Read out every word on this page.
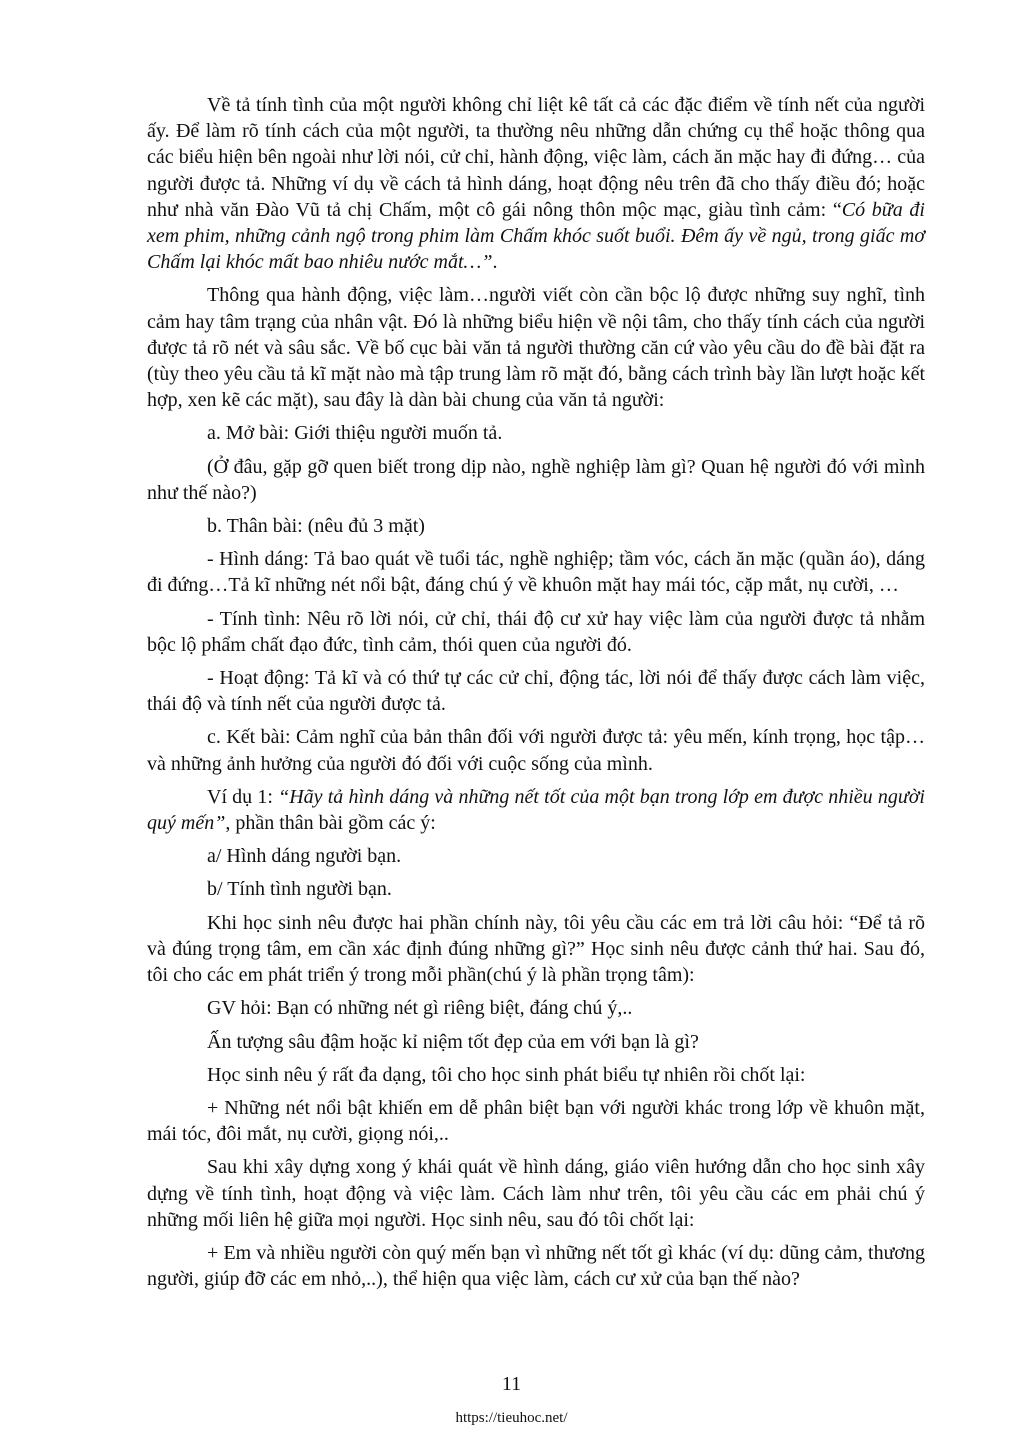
Về tả tính tình của một người không chỉ liệt kê tất cả các đặc điểm về tính nết của người ấy. Để làm rõ tính cách của một người, ta thường nêu những dẫn chứng cụ thể hoặc thông qua các biểu hiện bên ngoài như lời nói, cử chỉ, hành động, việc làm, cách ăn mặc hay đi đứng… của người được tả. Những ví dụ về cách tả hình dáng, hoạt động nêu trên đã cho thấy điều đó; hoặc như nhà văn Đào Vũ tả chị Chấm, một cô gái nông thôn mộc mạc, giàu tình cảm: “Có bữa đi xem phim, những cảnh ngộ trong phim làm Chấm khóc suốt buổi. Đêm ấy về ngủ, trong giấc mơ Chấm lại khóc mất bao nhiêu nước mắt…”.

Thông qua hành động, việc làm…người viết còn cần bộc lộ được những suy nghĩ, tình cảm hay tâm trạng của nhân vật. Đó là những biểu hiện về nội tâm, cho thấy tính cách của người được tả rõ nét và sâu sắc. Về bố cục bài văn tả người thường căn cứ vào yêu cầu do đề bài đặt ra (tùy theo yêu cầu tả kĩ mặt nào mà tập trung làm rõ mặt đó, bằng cách trình bày lần lượt hoặc kết hợp, xen kẽ các mặt), sau đây là dàn bài chung của văn tả người:

a. Mở bài: Giới thiệu người muốn tả.

(Ở đâu, gặp gỡ quen biết trong dịp nào, nghề nghiệp làm gì? Quan hệ người đó với mình như thế nào?)

b. Thân bài: (nêu đủ 3 mặt)

- Hình dáng: Tả bao quát về tuổi tác, nghề nghiệp; tầm vóc, cách ăn mặc (quần áo), dáng đi đứng…Tả kĩ những nét nổi bật, đáng chú ý về khuôn mặt hay mái tóc, cặp mắt, nụ cười, …

- Tính tình: Nêu rõ lời nói, cử chỉ, thái độ cư xử hay việc làm của người được tả nhằm bộc lộ phẩm chất đạo đức, tình cảm, thói quen của người đó.

- Hoạt động: Tả kĩ và có thứ tự các cử chỉ, động tác, lời nói để thấy được cách làm việc, thái độ và tính nết của người được tả.

c. Kết bài: Cảm nghĩ của bản thân đối với người được tả: yêu mến, kính trọng, học tập…và những ảnh hưởng của người đó đối với cuộc sống của mình.

Ví dụ 1: “Hãy tả hình dáng và những nết tốt của một bạn trong lớp em được nhiều người quý mến”, phần thân bài gồm các ý:

a/ Hình dáng người bạn.

b/ Tính tình người bạn.

Khi học sinh nêu được hai phần chính này, tôi yêu cầu các em trả lời câu hỏi: “Để tả rõ và đúng trọng tâm, em cần xác định đúng những gì?” Học sinh nêu được cảnh thứ hai. Sau đó, tôi cho các em phát triển ý trong mỗi phần(chú ý là phần trọng tâm):

GV hỏi: Bạn có những nét gì riêng biệt, đáng chú ý,..

Ấn tượng sâu đậm hoặc kỉ niệm tốt đẹp của em với bạn là gì?

Học sinh nêu ý rất đa dạng, tôi cho học sinh phát biểu tự nhiên rồi chốt lại:

+ Những nét nổi bật khiến em dễ phân biệt bạn với người khác trong lớp về khuôn mặt, mái tóc, đôi mắt, nụ cười, giọng nói,..

Sau khi xây dựng xong ý khái quát về hình dáng, giáo viên hướng dẫn cho học sinh xây dựng về tính tình, hoạt động và việc làm. Cách làm như trên, tôi yêu cầu các em phải chú ý những mối liên hệ giữa mọi người. Học sinh nêu, sau đó tôi chốt lại:

+ Em và nhiều người còn quý mến bạn vì những nết tốt gì khác (ví dụ: dũng cảm, thương người, giúp đỡ các em nhỏ,..), thể hiện qua việc làm, cách cư xử của bạn thế nào?

11
https://tieuhoc.net/
